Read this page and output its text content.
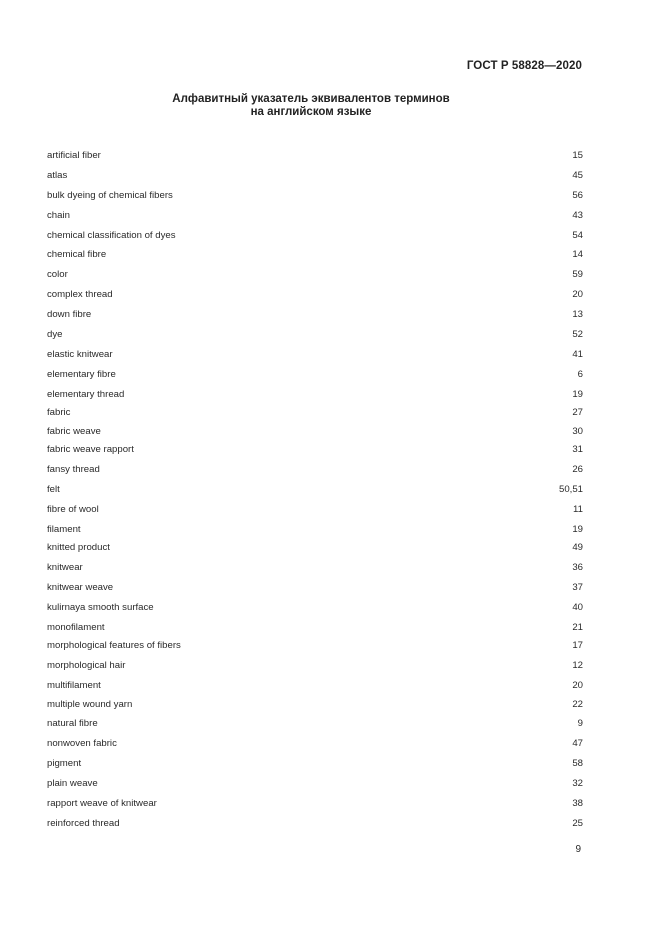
ГОСТ Р 58828—2020
Алфавитный указатель эквивалентов терминов
на английском языке
artificial fiber	15
atlas	45
bulk dyeing of chemical fibers	56
chain	43
chemical classification of dyes	54
chemical fibre	14
color	59
complex thread	20
down fibre	13
dye	52
elastic knitwear	41
elementary fibre	6
elementary thread	19
fabric	27
fabric weave	30
fabric weave rapport	31
fansy thread	26
felt	50,51
fibre of wool	11
filament	19
knitted product	49
knitwear	36
knitwear weave	37
kulirnaya smooth surface	40
monofilament	21
morphological features of fibers	17
morphological hair	12
multifilament	20
multiple wound yarn	22
natural fibre	9
nonwoven fabric	47
pigment	58
plain weave	32
rapport weave of knitwear	38
reinforced thread	25
9
